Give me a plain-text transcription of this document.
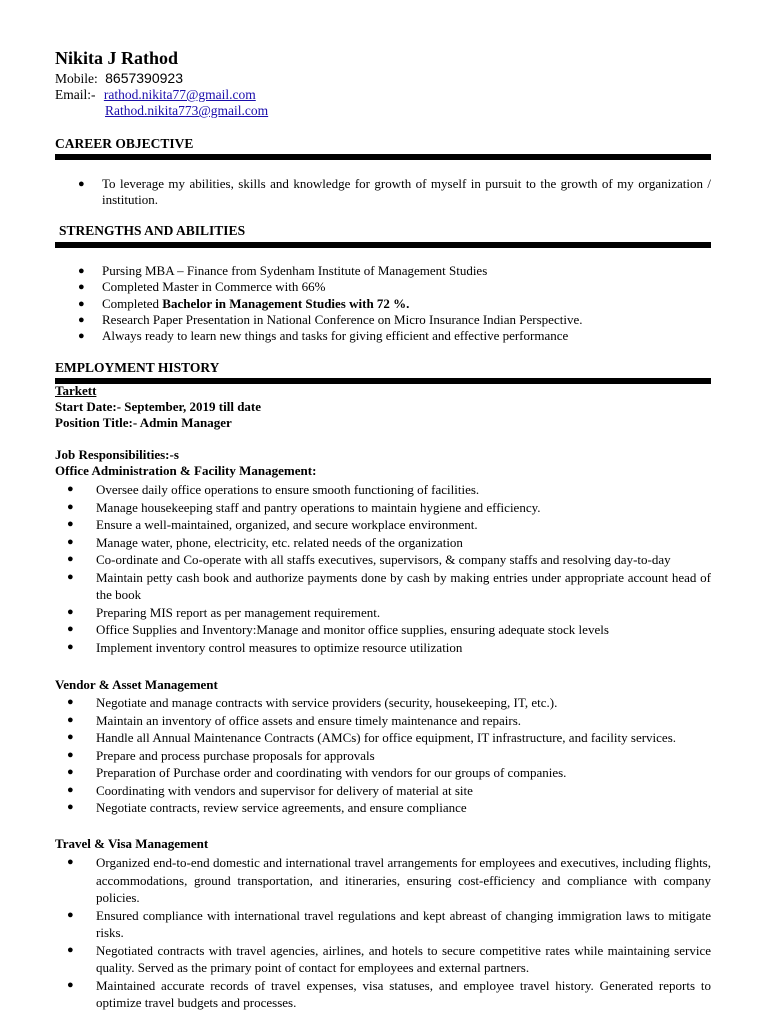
Nikita J Rathod
Mobile: 8657390923
Email:- rathod.nikita77@gmail.com
Rathod.nikita773@gmail.com
CAREER OBJECTIVE
● To leverage my abilities, skills and knowledge for growth of myself in pursuit to the growth of my organization / institution.
STRENGTHS AND ABILITIES
● Pursing MBA – Finance from Sydenham Institute of Management Studies
● Completed Master in Commerce with 66%
● Completed Bachelor in Management Studies with 72 %.
● Research Paper Presentation in National Conference on Micro Insurance Indian Perspective.
● Always ready to learn new things and tasks for giving efficient and effective performance
EMPLOYMENT HISTORY
Tarkett
Start Date:- September, 2019 till date
Position Title:- Admin Manager
Job Responsibilities:-s
Office Administration & Facility Management:
● Oversee daily office operations to ensure smooth functioning of facilities.
● Manage housekeeping staff and pantry operations to maintain hygiene and efficiency.
● Ensure a well-maintained, organized, and secure workplace environment.
● Manage water, phone, electricity, etc. related needs of the organization
● Co-ordinate and Co-operate with all staffs executives, supervisors, & company staffs and resolving day-to-day
● Maintain petty cash book and authorize payments done by cash by making entries under appropriate account head of the book
● Preparing MIS report as per management requirement.
● Office Supplies and Inventory:Manage and monitor office supplies, ensuring adequate stock levels
● Implement inventory control measures to optimize resource utilization
Vendor & Asset Management
● Negotiate and manage contracts with service providers (security, housekeeping, IT, etc.).
● Maintain an inventory of office assets and ensure timely maintenance and repairs.
● Handle all Annual Maintenance Contracts (AMCs) for office equipment, IT infrastructure, and facility services.
● Prepare and process purchase proposals for approvals
● Preparation of Purchase order and coordinating with vendors for our groups of companies.
● Coordinating with vendors and supervisor for delivery of material at site
● Negotiate contracts, review service agreements, and ensure compliance
Travel & Visa Management
● Organized end-to-end domestic and international travel arrangements for employees and executives, including flights, accommodations, ground transportation, and itineraries, ensuring cost-efficiency and compliance with company policies.
● Ensured compliance with international travel regulations and kept abreast of changing immigration laws to mitigate risks.
● Negotiated contracts with travel agencies, airlines, and hotels to secure competitive rates while maintaining service quality. Served as the primary point of contact for employees and external partners.
● Maintained accurate records of travel expenses, visa statuses, and employee travel history. Generated reports to optimize travel budgets and processes.
